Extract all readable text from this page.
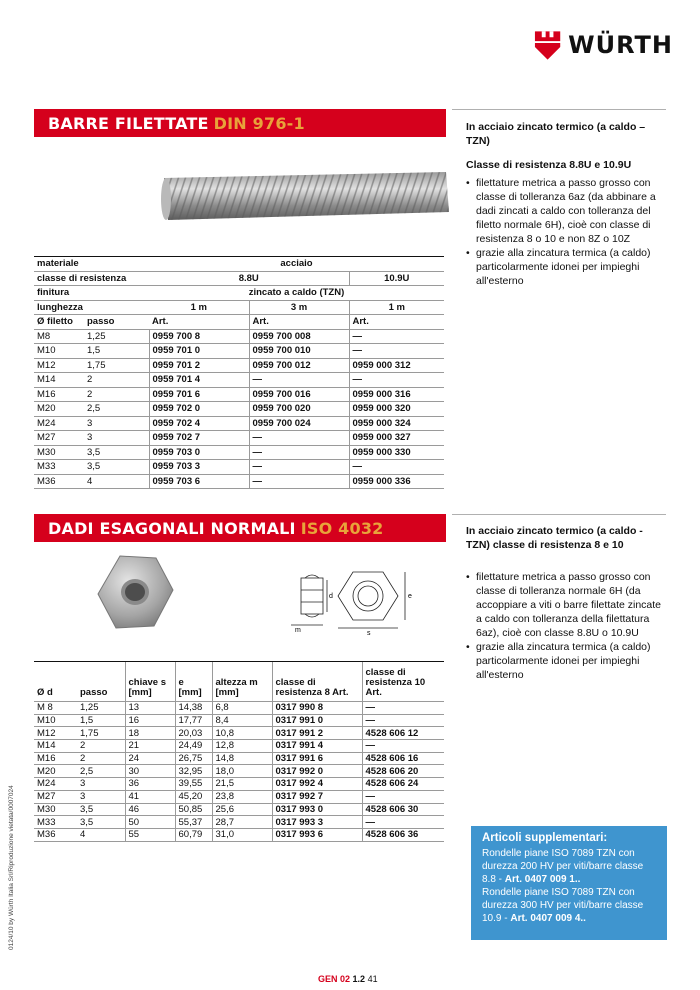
WÜRTH
BARRE FILETTATE DIN 976-1	In acciaio zincato termico (a caldo – TZN)
Classe di resistenza 8.8U e 10.9U
• filettature metrica a passo grosso con classe di tolleranza 6az (da abbinare a dadi zincati a caldo con tolleranza del filetto normale 6H), cioè con classe di resistenza 8 o 10 e non 8Z o 10Z
• grazie alla zincatura termica (a caldo) particolarmente idonei per impieghi all'esterno
materiale		acciaio		
classe di resistenza		8.8U		10.9U
finitura		zincato a caldo (TZN)		
lunghezza		1 m	3 m	1 m
Ø filetto	passo	Art.	Art.	Art.
M8	1,25	0959 700 8	0959 700 008	—
M10	1,5	0959 701 0	0959 700 010	—
M12	1,75	0959 701 2	0959 700 012	0959 000 312
M14	2	0959 701 4	—	—
M16	2	0959 701 6	0959 700 016	0959 000 316
M20	2,5	0959 702 0	0959 700 020	0959 000 320
M24	3	0959 702 4	0959 700 024	0959 000 324
M27	3	0959 702 7	—	0959 000 327
M30	3,5	0959 703 0	—	0959 000 330
M33	3,5	0959 703 3	—	—
M36	4	0959 703 6	—	0959 000 336
DADI ESAGONALI NORMALI ISO 4032	In acciaio zincato termico (a caldo - TZN) classe di resistenza 8 e 10
• filettature metrica a passo grosso con classe di tolleranza normale 6H (da accoppiare a viti o barre filettate zincate a caldo con tolleranza della filettatura 6az), cioè con classe 8.8U o 10.9U
• grazie alla zincatura termica (a caldo) particolarmente idonei per impieghi all'esterno
m
d
s
e
Ø d	passo	chiave s [mm]	e [mm]	altezza m [mm]	classe di resistenza 8 Art.	classe di resistenza 10 Art.
M 8	1,25	13	14,38	6,8	0317 990 8	—
M10	1,5	16	17,77	8,4	0317 991 0	—
M12	1,75	18	20,03	10,8	0317 991 2	4528 606 12
M14	2	21	24,49	12,8	0317 991 4	—
M16	2	24	26,75	14,8	0317 991 6	4528 606 16
M20	2,5	30	32,95	18,0	0317 992 0	4528 606 20
M24	3	36	39,55	21,5	0317 992 4	4528 606 24
M27	3	41	45,20	23,8	0317 992 7	—
M30	3,5	46	50,85	25,6	0317 993 0	4528 606 30
M33	3,5	50	55,37	28,7	0317 993 3	—
M36	4	55	60,79	31,0	0317 993 6	4528 606 36	Articoli supplementari:
Rondelle piane ISO 7089 TZN con durezza 200 HV per viti/barre classe 8.8 - Art. 0407 009 1..
Rondelle piane ISO 7089 TZN con durezza 300 HV per viti/barre classe 10.9 - Art. 0407 009 4..
0124/10 by Würth Italia Srl/Riproduzione vietata/0007024
GEN 02 1.2 41
